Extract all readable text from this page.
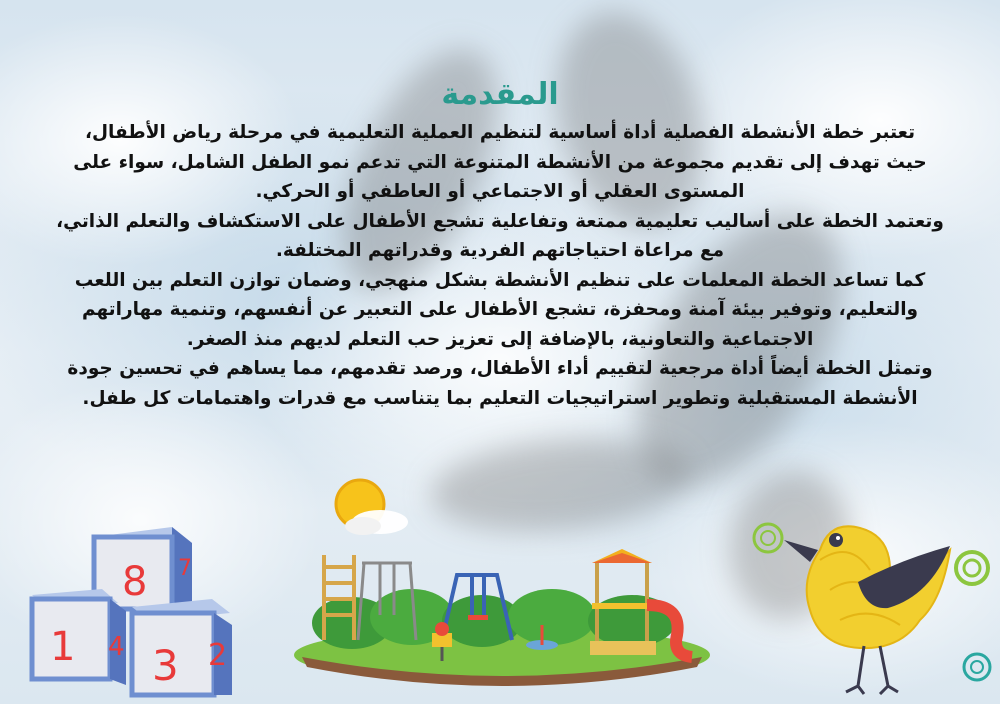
المقدمة

تعتبر خطة الأنشطة الفصلية أداة أساسية لتنظيم العملية التعليمية في مرحلة رياض الأطفال،
حيث تهدف إلى تقديم مجموعة من الأنشطة المتنوعة التي تدعم نمو الطفل الشامل، سواء على
المستوى العقلي أو الاجتماعي أو العاطفي أو الحركي.

وتعتمد الخطة على أساليب تعليمية ممتعة وتفاعلية تشجع الأطفال على الاستكشاف والتعلم الذاتي،
مع مراعاة احتياجاتهم الفردية وقدراتهم المختلفة.

كما تساعد الخطة المعلمات على تنظيم الأنشطة بشكل منهجي، وضمان توازن التعلم بين اللعب
والتعليم، وتوفير بيئة آمنة ومحفزة، تشجع الأطفال على التعبير عن أنفسهم، وتنمية مهاراتهم
الاجتماعية والتعاونية، بالإضافة إلى تعزيز حب التعلم لديهم منذ الصغر.

وتمثل الخطة أيضاً أداة مرجعية لتقييم أداء الأطفال، ورصد تقدمهم، مما يساهم في تحسين جودة
الأنشطة المستقبلية وتطوير استراتيجيات التعليم بما يتناسب مع قدرات واهتمامات كل طفل.

8 7
1 4 3 2
